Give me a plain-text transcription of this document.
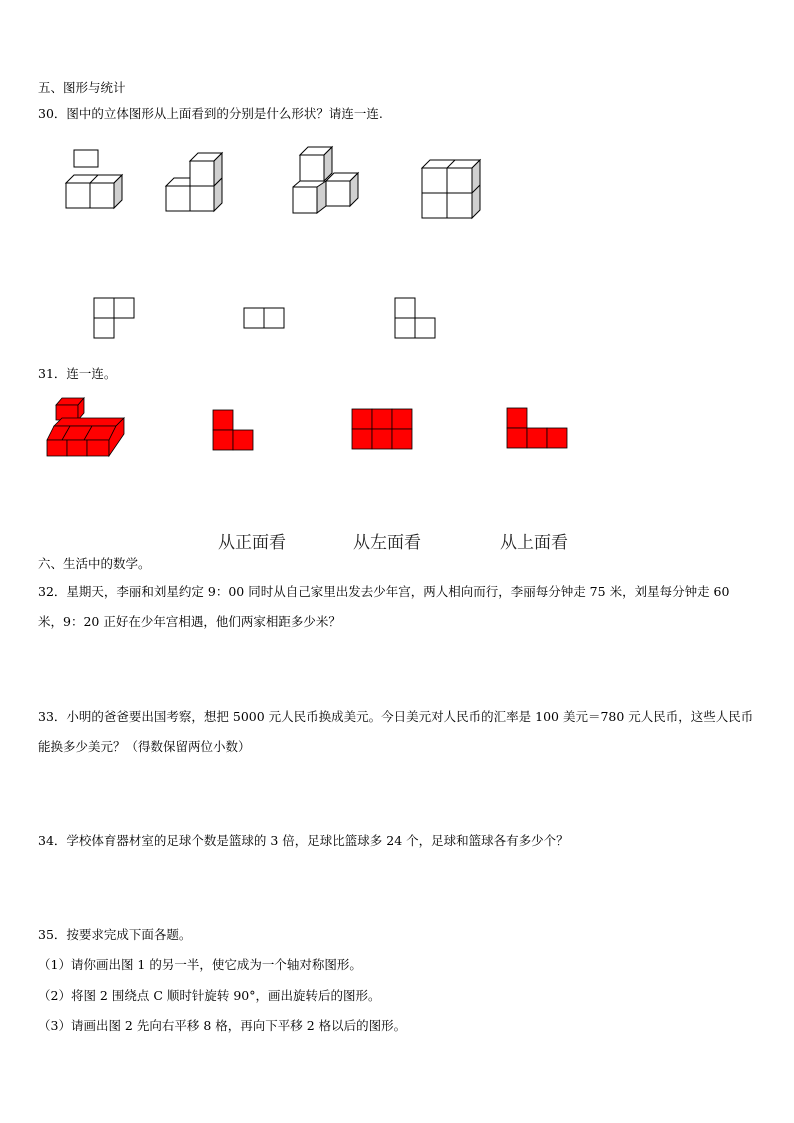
五、图形与统计
30．图中的立体图形从上面看到的分别是什么形状？请连一连.
31．连一连。
从正面看	从左面看	从上面看
六、生活中的数学。
32．星期天，李丽和刘星约定 9：00 同时从自己家里出发去少年宫，两人相向而行，李丽每分钟走 75 米，刘星每分钟走 60 米，9：20 正好在少年宫相遇，他们两家相距多少米？
33．小明的爸爸要出国考察，想把 5000 元人民币换成美元。今日美元对人民币的汇率是 100 美元＝780 元人民币，这些人民币能换多少美元？（得数保留两位小数）
34．学校体育器材室的足球个数是篮球的 3 倍，足球比篮球多 24 个，足球和篮球各有多少个？
35．按要求完成下面各题。
（1）请你画出图 1 的另一半，使它成为一个轴对称图形。
（2）将图 2 围绕点 C 顺时针旋转 90°，画出旋转后的图形。
（3）请画出图 2 先向右平移 8 格，再向下平移 2 格以后的图形。
